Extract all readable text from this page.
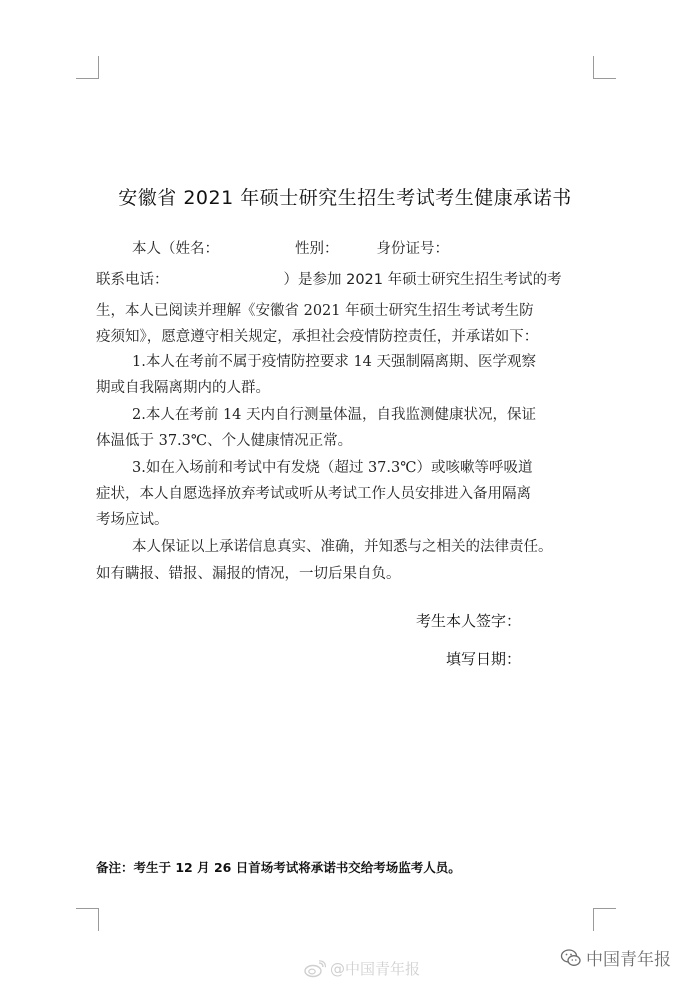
安徽省 2021 年硕士研究生招生考试考生健康承诺书
本人（姓名：	性别：	身份证号：
联系电话：	）是参加 2021 年硕士研究生招生考试的考
生，本人已阅读并理解《安徽省 2021 年硕士研究生招生考试考生防
疫须知》，愿意遵守相关规定，承担社会疫情防控责任，并承诺如下：
1.本人在考前不属于疫情防控要求 14 天强制隔离期、医学观察
期或自我隔离期内的人群。
2.本人在考前 14 天内自行测量体温，自我监测健康状况，保证
体温低于 37.3℃、个人健康情况正常。
3.如在入场前和考试中有发烧（超过 37.3℃）或咳嗽等呼吸道
症状，本人自愿选择放弃考试或听从考试工作人员安排进入备用隔离
考场应试。
本人保证以上承诺信息真实、准确，并知悉与之相关的法律责任。
如有瞒报、错报、漏报的情况，一切后果自负。
考生本人签字：
填写日期：
备注：考生于 12 月 26 日首场考试将承诺书交给考场监考人员。
@中国青年报	中国青年报
